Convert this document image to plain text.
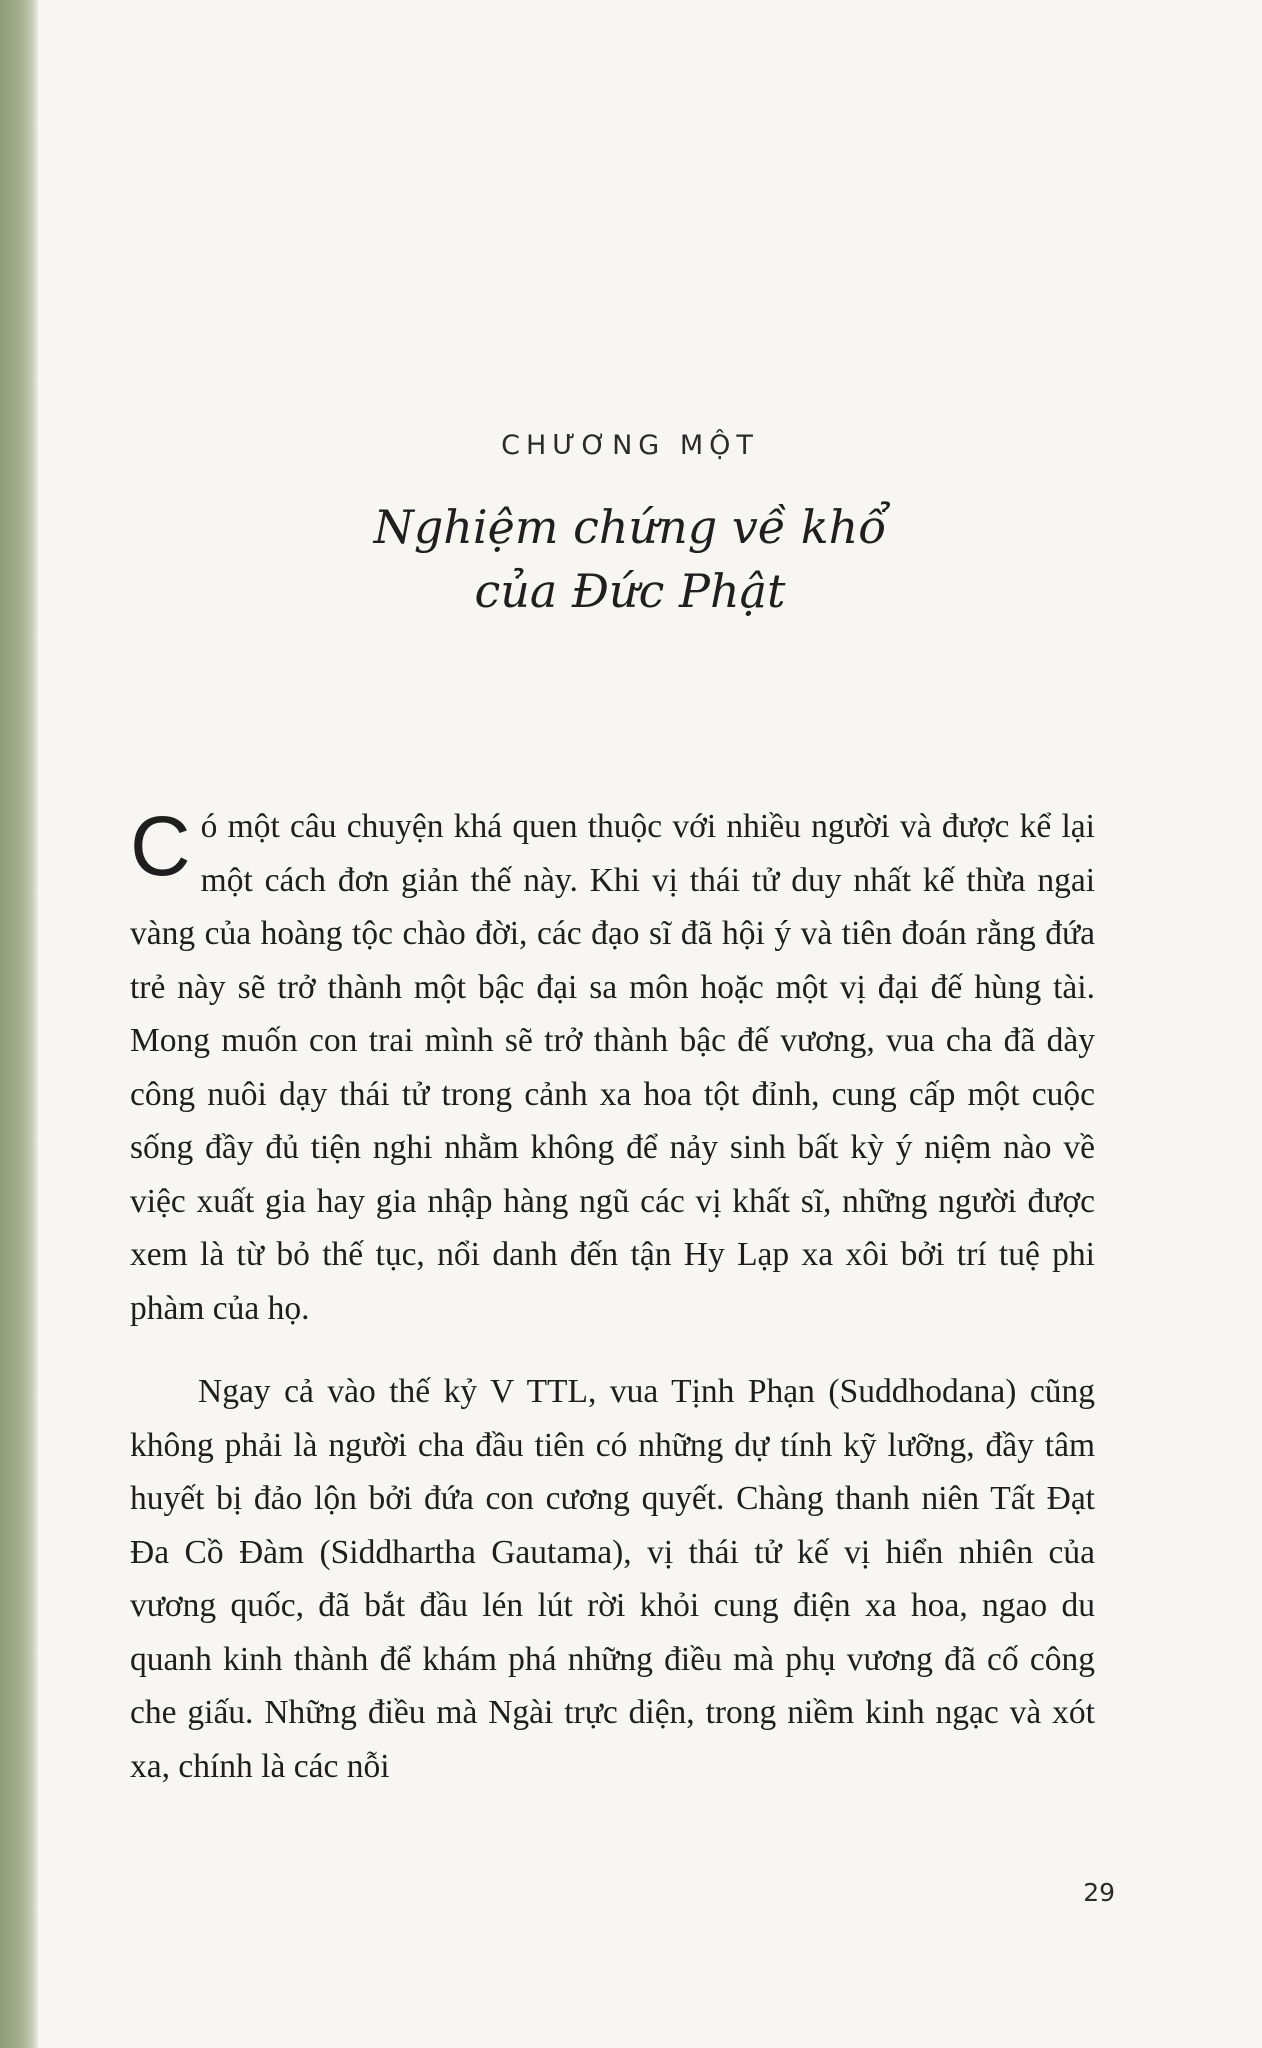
CHƯƠNG MỘT
Nghiệm chứng về khổ
của Đức Phật

Có một câu chuyện khá quen thuộc với nhiều người và được kể lại một cách đơn giản thế này. Khi vị thái tử duy nhất kế thừa ngai vàng của hoàng tộc chào đời, các đạo sĩ đã hội ý và tiên đoán rằng đứa trẻ này sẽ trở thành một bậc đại sa môn hoặc một vị đại đế hùng tài. Mong muốn con trai mình sẽ trở thành bậc đế vương, vua cha đã dày công nuôi dạy thái tử trong cảnh xa hoa tột đỉnh, cung cấp một cuộc sống đầy đủ tiện nghi nhằm không để nảy sinh bất kỳ ý niệm nào về việc xuất gia hay gia nhập hàng ngũ các vị khất sĩ, những người được xem là từ bỏ thế tục, nổi danh đến tận Hy Lạp xa xôi bởi trí tuệ phi phàm của họ.

Ngay cả vào thế kỷ V TTL, vua Tịnh Phạn (Suddhodana) cũng không phải là người cha đầu tiên có những dự tính kỹ lưỡng, đầy tâm huyết bị đảo lộn bởi đứa con cương quyết. Chàng thanh niên Tất Đạt Đa Cồ Đàm (Siddhartha Gautama), vị thái tử kế vị hiển nhiên của vương quốc, đã bắt đầu lén lút rời khỏi cung điện xa hoa, ngao du quanh kinh thành để khám phá những điều mà phụ vương đã cố công che giấu. Những điều mà Ngài trực diện, trong niềm kinh ngạc và xót xa, chính là các nỗi

29
